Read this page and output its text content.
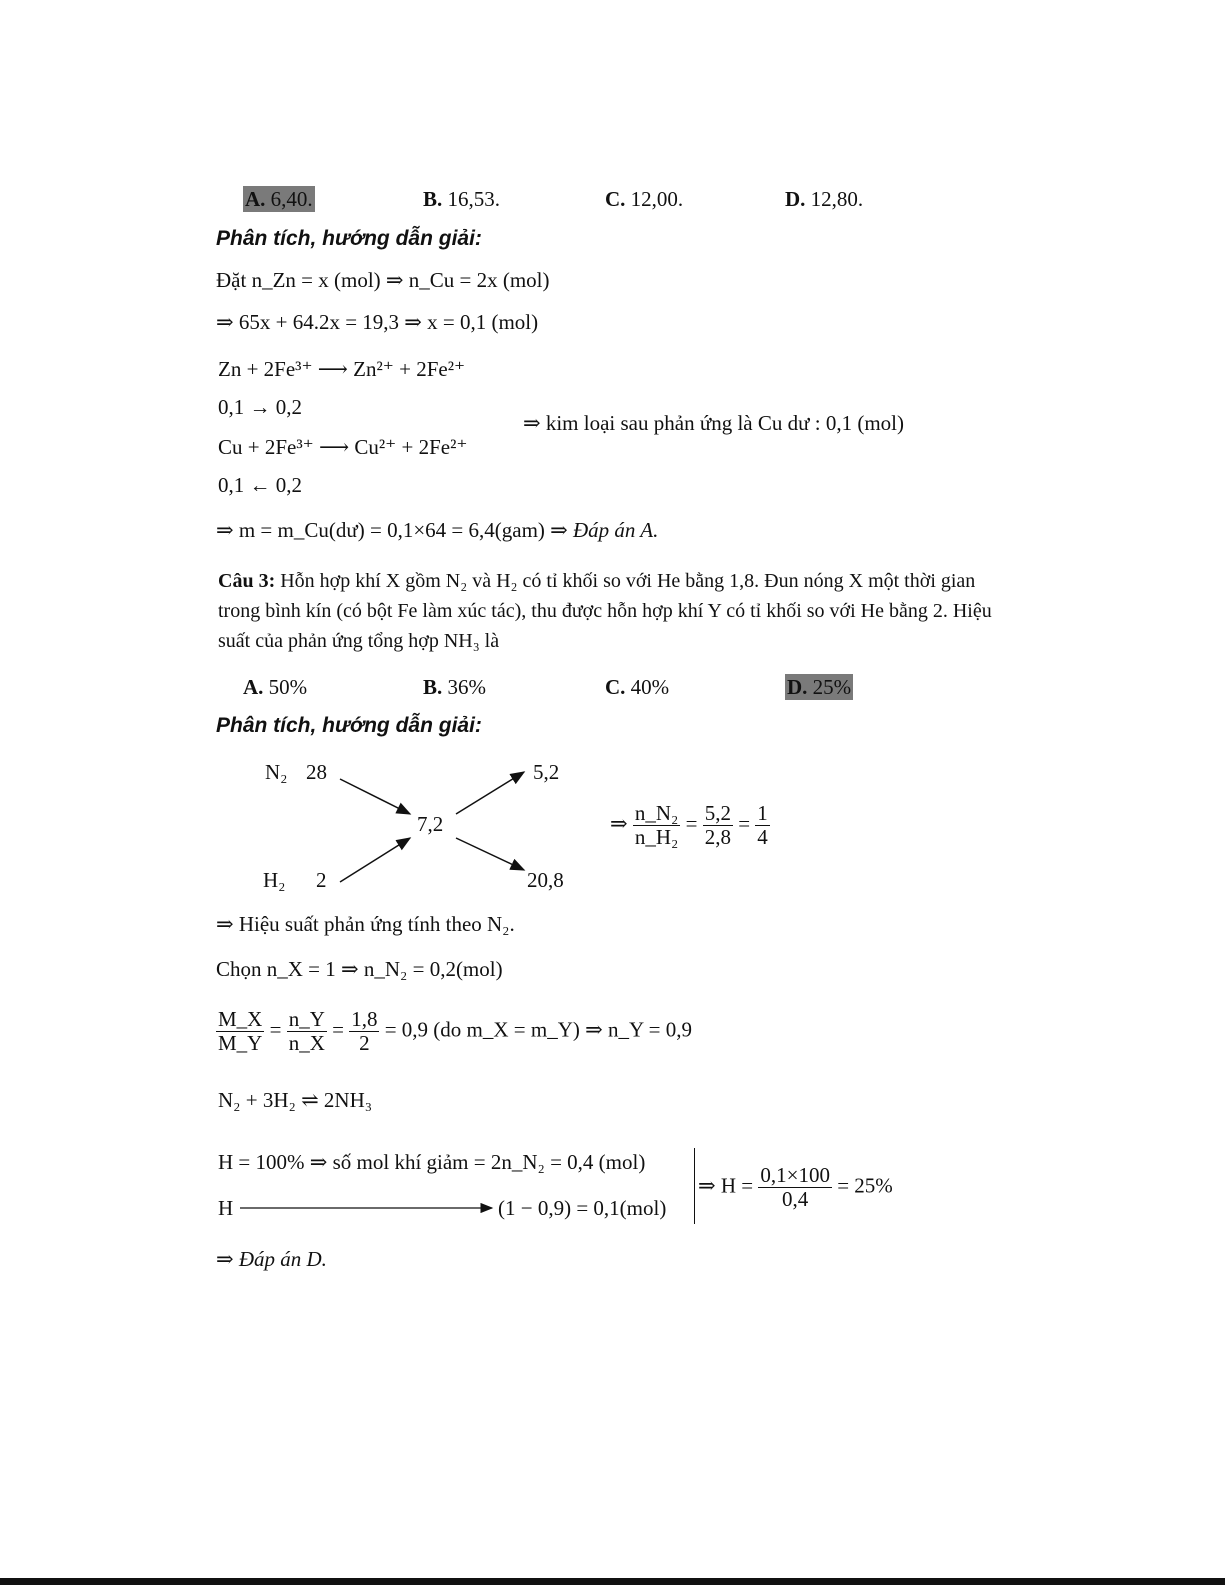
A. 6,40.	B. 16,53.	C. 12,00.	D. 12,80.
Phân tích, hướng dẫn giải:
Đặt n_Zn = x (mol) ⇒ n_Cu = 2x (mol)
⇒ 65x + 64.2x = 19,3 ⇒ x = 0,1 (mol)
Zn + 2Fe³⁺ ⟶ Zn²⁺ + 2Fe²⁺
0,1 → 0,2
Cu + 2Fe³⁺ ⟶ Cu²⁺ + 2Fe²⁺
0,1 ← 0,2
⇒ kim loại sau phản ứng là Cu dư : 0,1 (mol)
⇒ m = m_Cu(dư) = 0,1×64 = 6,4(gam) ⇒ Đáp án A.
Câu 3: Hỗn hợp khí X gồm N₂ và H₂ có tỉ khối so với He bằng 1,8. Đun nóng X một thời gian trong bình kín (có bột Fe làm xúc tác), thu được hỗn hợp khí Y có tỉ khối so với He bằng 2. Hiệu suất của phản ứng tổng hợp NH₃ là
A. 50%	B. 36%	C. 40%	D. 25%
Phân tích, hướng dẫn giải:
N₂ 28
H₂ 2
7,2
5,2
20,8
⇒ $\frac{\text{n\_N₂}}{\text{n\_H₂}} = \frac{5,2}{2,8} = \frac{1}{4}$
⇒ Hiệu suất phản ứng tính theo N₂.
Chọn n_X = 1 ⇒ n_N₂ = 0,2(mol)
$\frac{M\_X}{M\_Y} = \frac{n\_Y}{n\_X} = \frac{1,8}{2} = 0,9$ (do m_X = m_Y) ⇒ n_Y = 0,9
N₂ + 3H₂ ⇌ 2NH₃
H = 100% ⇒ số mol khí giảm = 2n_N₂ = 0,4 (mol)
H	(1 − 0,9) = 0,1(mol)
⇒ $H = \frac{0,1\times 100}{0,4} = 25\%$
⇒ Đáp án D.
